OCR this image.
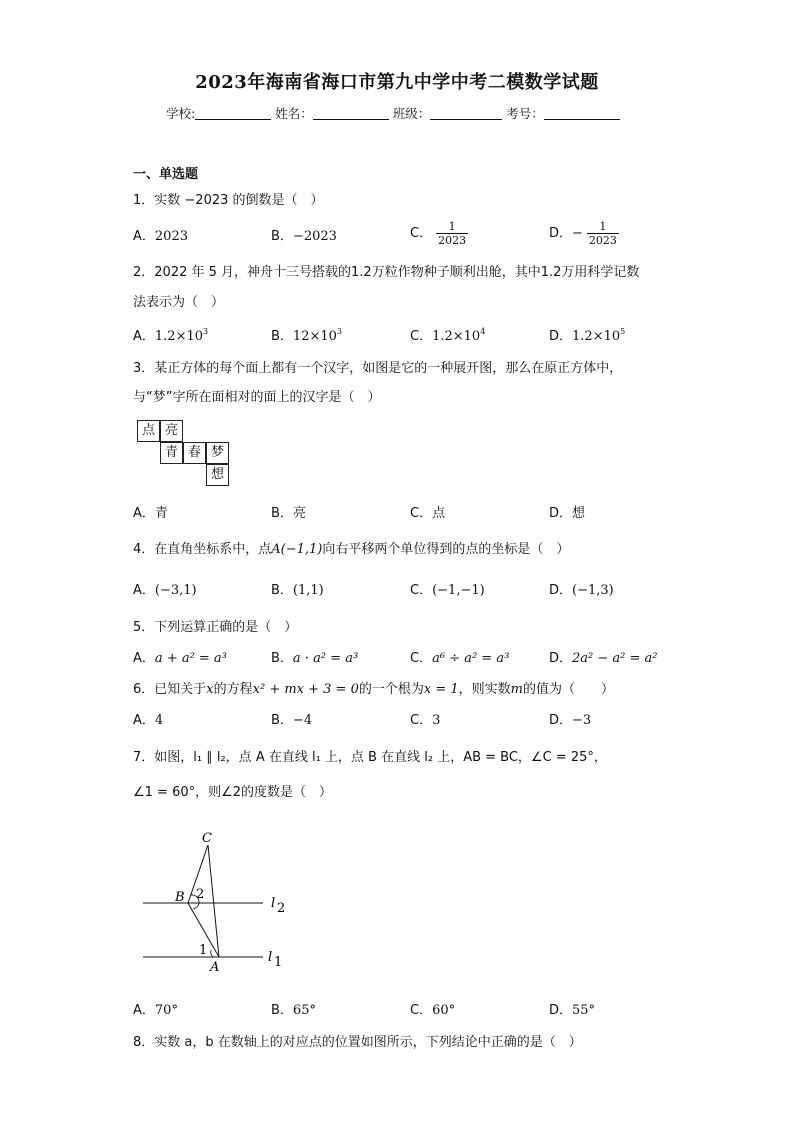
2023年海南省海口市第九中学中考二模数学试题
学校:	姓名：	班级：	考号：
一、单选题
1．实数 −2023 的倒数是（　）
A．2023	B．−2023	C． $\frac{1}{2023}$	D．− $\frac{1}{2023}$
2．2022 年 5 月，神舟十三号搭载的1.2万粒作物种子顺利出舱，其中1.2万用科学记数
法表示为（　）
A．$1.2\times 10^3$	B．$12\times 10^3$	C．$1.2\times 10^4$	D．$1.2\times 10^5$
3．某正方体的每个面上都有一个汉字，如图是它的一种展开图，那么在原正方体中，
与“梦”字所在面相对的面上的汉字是（　）
点 亮
青 春 梦
想
A．青	B．亮	C．点	D．想
4．在直角坐标系中，点A(−1,1)向右平移两个单位得到的点的坐标是（　）
A．(−3,1)	B．(1,1)	C．(−1,−1)	D．(−1,3)
5．下列运算正确的是（　）
A．a + a² = a³	B．a · a² = a³	C．a⁶ ÷ a² = a³	D．2a² − a² = a²
6．已知关于x的方程x² + mx + 3 = 0的一个根为x = 1，则实数m的值为（　　）
A．4	B．−4	C．3	D．−3
7．如图，l₁ ∥ l₂，点 A 在直线 l₁ 上，点 B 在直线 l₂ 上，AB = BC，∠C = 25°，
∠1 = 60°，则∠2的度数是（　）
C
B 2
1
A
l 2
l 1
A．70°	B．65°	C．60°	D．55°
8．实数 a，b 在数轴上的对应点的位置如图所示，下列结论中正确的是（　）
